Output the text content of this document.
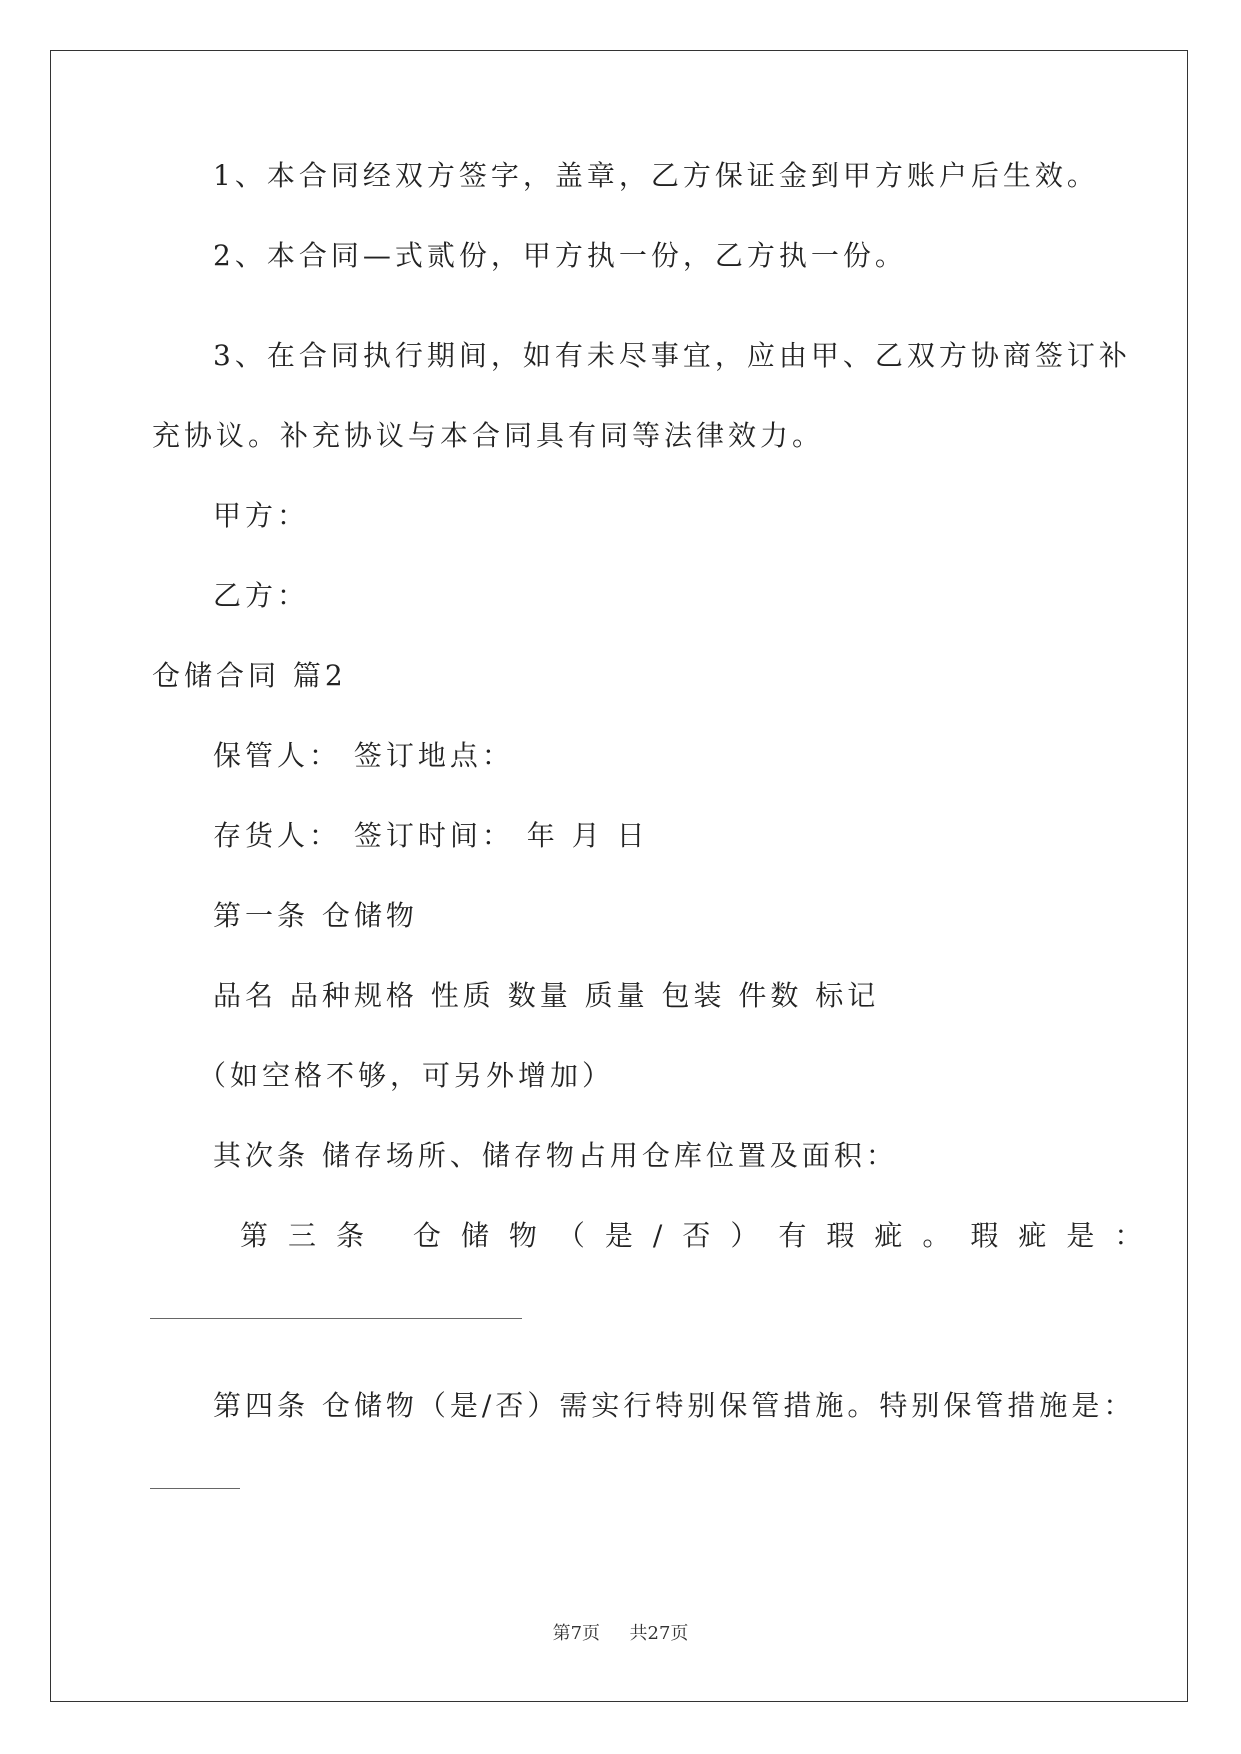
1、本合同经双方签字，盖章，乙方保证金到甲方账户后生效。
2、本合同—式贰份，甲方执一份，乙方执一份。
3、在合同执行期间，如有未尽事宜，应由甲、乙双方协商签订补
充协议。补充协议与本合同具有同等法律效力。
甲方：
乙方：
仓储合同 篇2
保管人： 签订地点：
存货人： 签订时间： 年 月 日
第一条 仓储物
品名 品种规格 性质 数量 质量 包装 件数 标记
（如空格不够，可另外增加）
其次条 储存场所、储存物占用仓库位置及面积：
第三条 仓储物（是/否）有瑕疵。瑕疵是：
第四条 仓储物（是/否）需实行特别保管措施。特别保管措施是：
第7页 共27页
